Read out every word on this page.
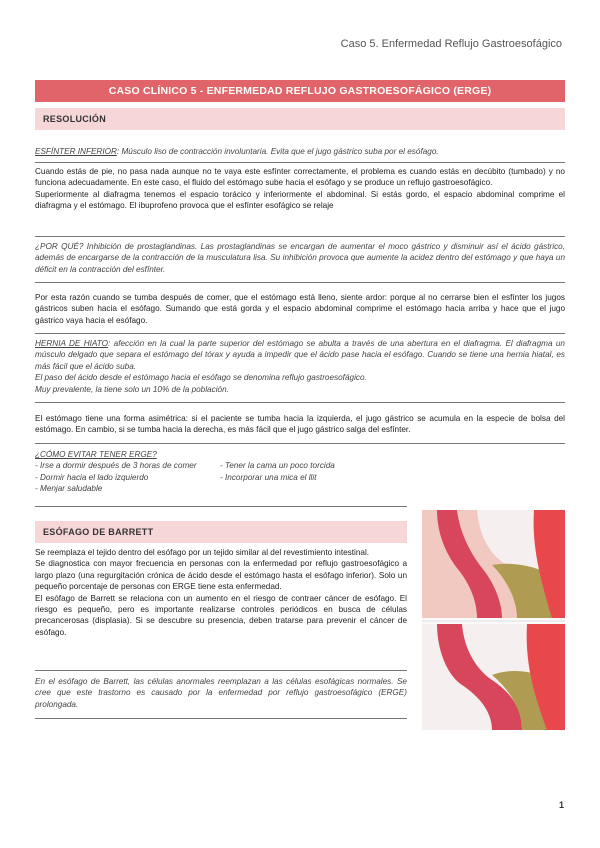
Caso 5. Enfermedad Reflujo Gastroesofágico
CASO CLÍNICO 5 - ENFERMEDAD REFLUJO GASTROESOFÁGICO (ERGE)
RESOLUCIÓN

ESFÍNTER INFERIOR: Músculo liso de contracción involuntaria. Evita que el jugo gástrico suba por el esófago.

Cuando estás de pie, no pasa nada aunque no te vaya este esfínter correctamente, el problema es cuando estás en decúbito (tumbado) y no funciona adecuadamente. En este caso, el fluido del estómago sube hacia el esófago y se produce un reflujo gastroesofágico.

Superiormente al diafragma tenemos el espacio torácico y inferiormente el abdominal. Si estás gordo, el espacio abdominal comprime el diafragma y el estómago. El ibuprofeno provoca que el esfínter esofágico se relaje

¿POR QUÉ? Inhibición de prostaglandinas. Las prostaglandinas se encargan de aumentar el moco gástrico y disminuir así el ácido gástrico, además de encargarse de la contracción de la musculatura lisa. Su inhibición provoca que aumente la acidez dentro del estómago y que haya un déficit en la contracción del esfínter.

Por esta razón cuando se tumba después de comer, que el estómago está lleno, siente ardor: porque al no cerrarse bien el esfínter los jugos gástricos suben hacia el esófago. Sumando que está gorda y el espacio abdominal comprime el estómago hacia arriba y hace que el jugo gástrico vaya hacia el esófago.

HERNIA DE HIATO: afección en la cual la parte superior del estómago se abulta a través de una abertura en el diafragma. El diafragma un músculo delgado que separa el estómago del tórax y ayuda a impedir que el ácido pase hacia el esófago. Cuando se tiene una hernia hiatal, es más fácil que el ácido suba.

El paso del ácido desde el estómago hacia el esófago se denomina reflujo gastroesofágico.

Muy prevalente, la tiene solo un 10% de la población.

El estómago tiene una forma asimétrica: si el paciente se tumba hacia la izquierda, el jugo gástrico se acumula en la especie de bolsa del estómago. En cambio, si se tumba hacia la derecha, es más fácil que el jugo gástrico salga del esfínter.

¿CÓMO EVITAR TENER ERGE?

- Irse a dormir después de 3 horas de comer	- Tener la cama un poco torcida
- Dormir hacia el lado izquierdo	- Incorporar una mica el llit
- Menjar saludable
ESÓFAGO DE BARRETT

Se reemplaza el tejido dentro del esófago por un tejido similar al del revestimiento intestinal.

Se diagnostica con mayor frecuencia en personas con la enfermedad por reflujo gastroesofágico a largo plazo (una regurgitación crónica de ácido desde el estómago hasta el esófago inferior). Solo un pequeño porcentaje de personas con ERGE tiene esta enfermedad.

El esófago de Barrett se relaciona con un aumento en el riesgo de contraer cáncer de esófago. El riesgo es pequeño, pero es importante realizarse controles periódicos en busca de células precancerosas (displasia). Si se descubre su presencia, deben tratarse para prevenir el cáncer de esófago.

En el esófago de Barrett, las células anormales reemplazan a las células esofágicas normales. Se cree que este trastorno es causado por la enfermedad por reflujo gastroesofágico (ERGE) prolongada.

1
